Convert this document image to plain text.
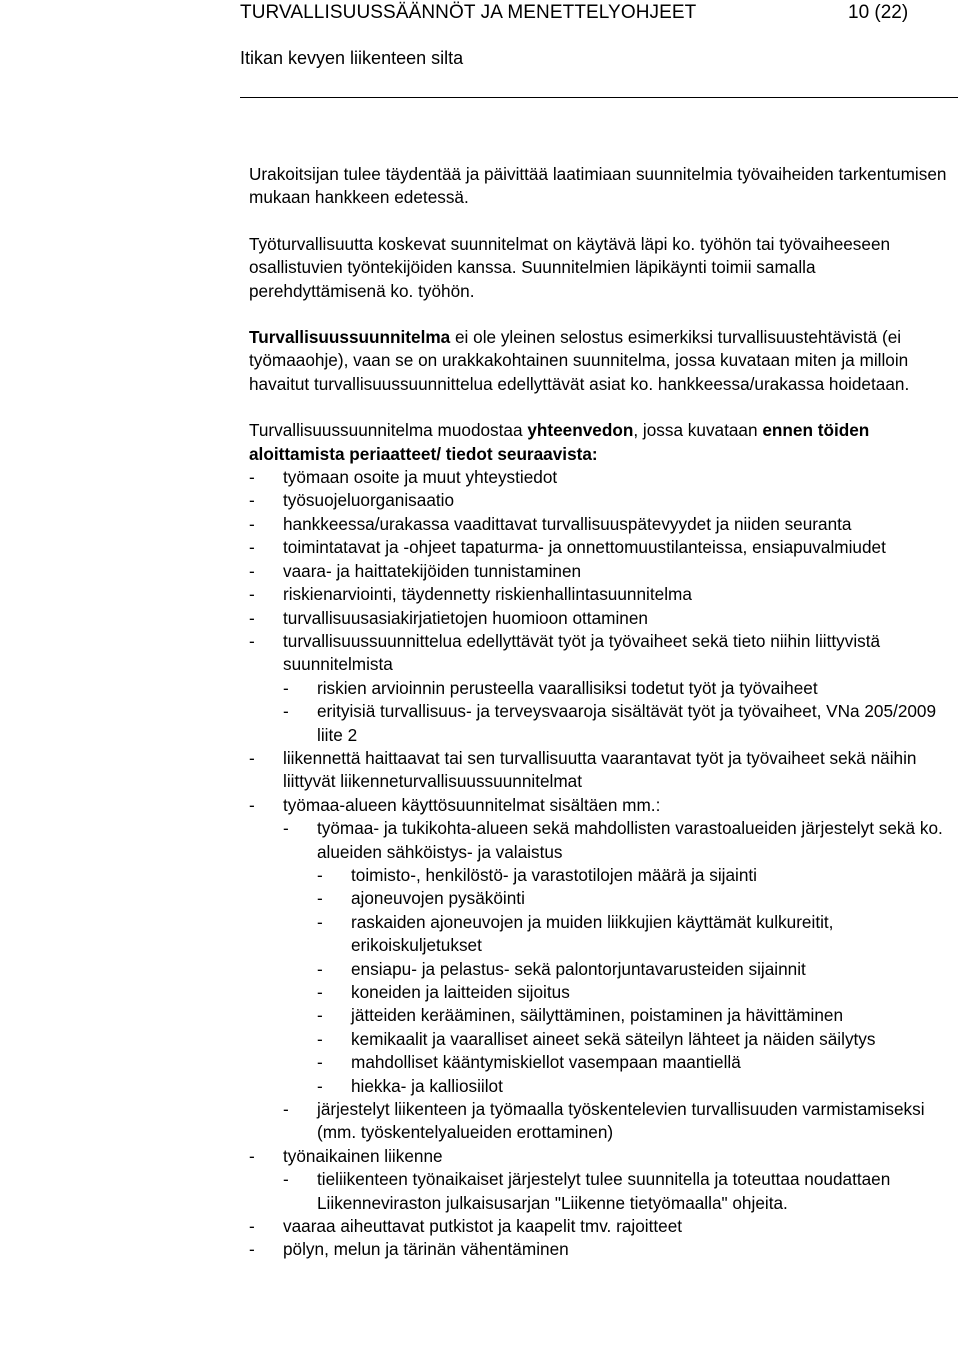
TURVALLISUUSSÄÄNNÖT JA MENETTELYOHJEET	10 (22)
Itikan kevyen liikenteen silta

Urakoitsijan tulee täydentää ja päivittää laatimiaan suunnitelmia työvaiheiden tarkentumisen mukaan hankkeen edetessä.

Työturvallisuutta koskevat suunnitelmat on käytävä läpi ko. työhön tai työvaiheeseen osallistuvien työntekijöiden kanssa. Suunnitelmien läpikäynti toimii samalla perehdyttämisenä ko. työhön.

Turvallisuussuunnitelma ei ole yleinen selostus esimerkiksi turvallisuustehtävistä (ei työmaaohje), vaan se on urakkakohtainen suunnitelma, jossa kuvataan miten ja milloin havaitut turvallisuussuunnittelua edellyttävät asiat ko. hankkeessa/urakassa hoidetaan.

Turvallisuussuunnitelma muodostaa yhteenvedon, jossa kuvataan ennen töiden aloittamista periaatteet/ tiedot seuraavista:

- työmaan osoite ja muut yhteystiedot
- työsuojeluorganisaatio
- hankkeessa/urakassa vaadittavat turvallisuuspätevyydet ja niiden seuranta
- toimintatavat ja -ohjeet tapaturma- ja onnettomuustilanteissa, ensiapuvalmiudet
- vaara- ja haittatekijöiden tunnistaminen
- riskienarviointi, täydennetty riskienhallintasuunnitelma
- turvallisuusasiakirjatietojen huomioon ottaminen
- turvallisuussuunnittelua edellyttävät työt ja työvaiheet sekä tieto niihin liittyvistä suunnitelmista
- riskien arvioinnin perusteella vaarallisiksi todetut työt ja työvaiheet
- erityisiä turvallisuus- ja terveysvaaroja sisältävät työt ja työvaiheet, VNa 205/2009 liite 2
- liikennettä haittaavat tai sen turvallisuutta vaarantavat työt ja työvaiheet sekä näihin liittyvät liikenneturvallisuussuunnitelmat
- työmaa-alueen käyttösuunnitelmat sisältäen mm.:
- työmaa- ja tukikohta-alueen sekä mahdollisten varastoalueiden järjestelyt sekä ko. alueiden sähköistys- ja valaistus
- toimisto-, henkilöstö- ja varastotilojen määrä ja sijainti
- ajoneuvojen pysäköinti
- raskaiden ajoneuvojen ja muiden liikkujien käyttämät kulkureitit, erikoiskuljetukset
- ensiapu- ja pelastus- sekä palontorjuntavarusteiden sijainnit
- koneiden ja laitteiden sijoitus
- jätteiden kerääminen, säilyttäminen, poistaminen ja hävittäminen
- kemikaalit ja vaaralliset aineet sekä säteilyn lähteet ja näiden säilytys
- mahdolliset kääntymiskiellot vasempaan maantiellä
- hiekka- ja kalliosiilot
- järjestelyt liikenteen ja työmaalla työskentelevien turvallisuuden varmistamiseksi (mm. työskentelyalueiden erottaminen)
- työnaikainen liikenne
- tieliikenteen työnaikaiset järjestelyt tulee suunnitella ja toteuttaa noudattaen Liikenneviraston julkaisusarjan "Liikenne tietyömaalla" ohjeita.
- vaaraa aiheuttavat putkistot ja kaapelit tmv. rajoitteet
- pölyn, melun ja tärinän vähentäminen
